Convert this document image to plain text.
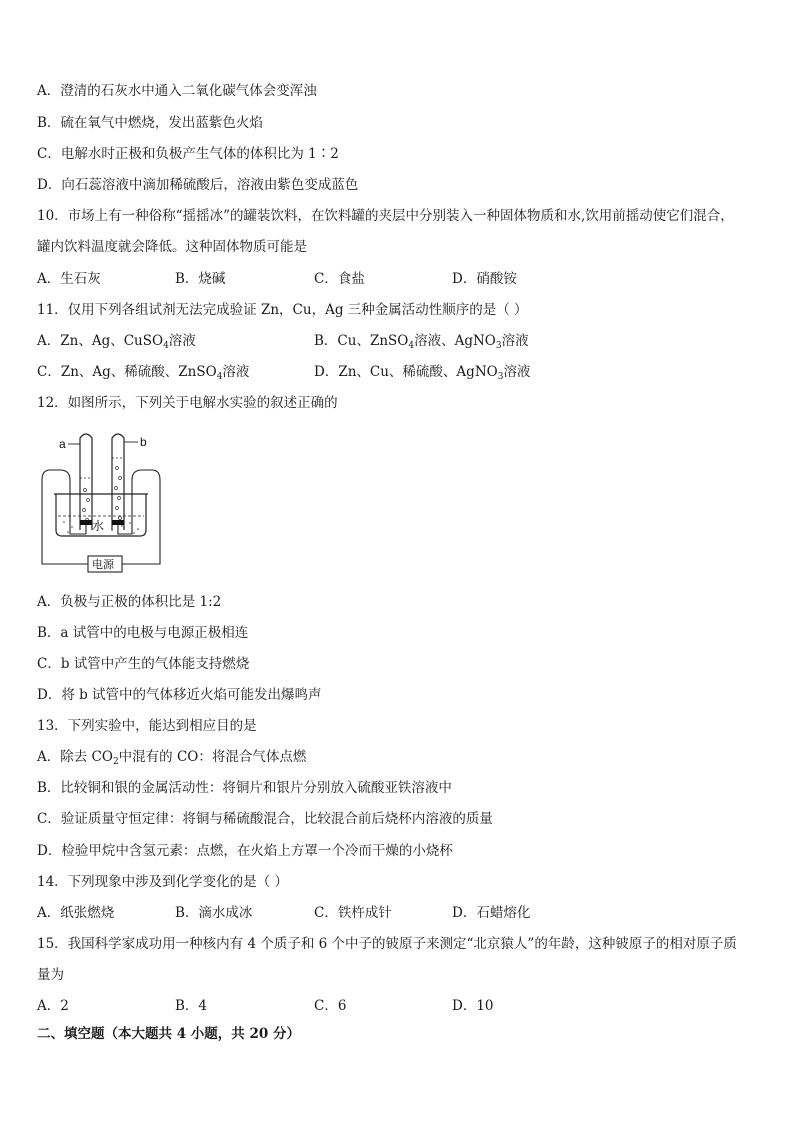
A．澄清的石灰水中通入二氧化碳气体会变浑浊
B．硫在氧气中燃烧，发出蓝紫色火焰
C．电解水时正极和负极产生气体的体积比为 1∶2
D．向石蕊溶液中滴加稀硫酸后，溶液由紫色变成蓝色
10．市场上有一种俗称“摇摇冰”的罐装饮料，在饮料罐的夹层中分别装入一种固体物质和水,饮用前摇动使它们混合，
罐内饮料温度就会降低。这种固体物质可能是
A．生石灰	B．烧碱	C．食盐	D．硝酸铵
11．仅用下列各组试剂无法完成验证 Zn，Cu，Ag 三种金属活动性顺序的是（ ）
A．Zn、Ag、CuSO$_4$溶液	B．Cu、ZnSO$_4$溶液、AgNO$_3$溶液
C．Zn、Ag、稀硫酸、ZnSO$_4$溶液	D．Zn、Cu、稀硫酸、AgNO$_3$溶液
12．如图所示，下列关于电解水实验的叙述正确的
a	b
水
电源
A．负极与正极的体积比是 1:2
B．a 试管中的电极与电源正极相连
C．b 试管中产生的气体能支持燃烧
D．将 b 试管中的气体移近火焰可能发出爆鸣声
13．下列实验中，能达到相应目的是
A．除去 $CO_2$中混有的 CO：将混合气体点燃
B．比较铜和银的金属活动性：将铜片和银片分别放入硫酸亚铁溶液中
C．验证质量守恒定律：将铜与稀硫酸混合，比较混合前后烧杯内溶液的质量
D．检验甲烷中含氢元素：点燃，在火焰上方罩一个冷而干燥的小烧杯
14．下列现象中涉及到化学变化的是（ ）
A．纸张燃烧	B．滴水成冰	C．铁杵成针	D．石蜡熔化
15．我国科学家成功用一种核内有 4 个质子和 6 个中子的铍原子来测定“北京猿人”的年龄，这种铍原子的相对原子质
量为
A．2	B．4	C．6	D．10
二、填空题（本大题共 4 小题，共 20 分）
